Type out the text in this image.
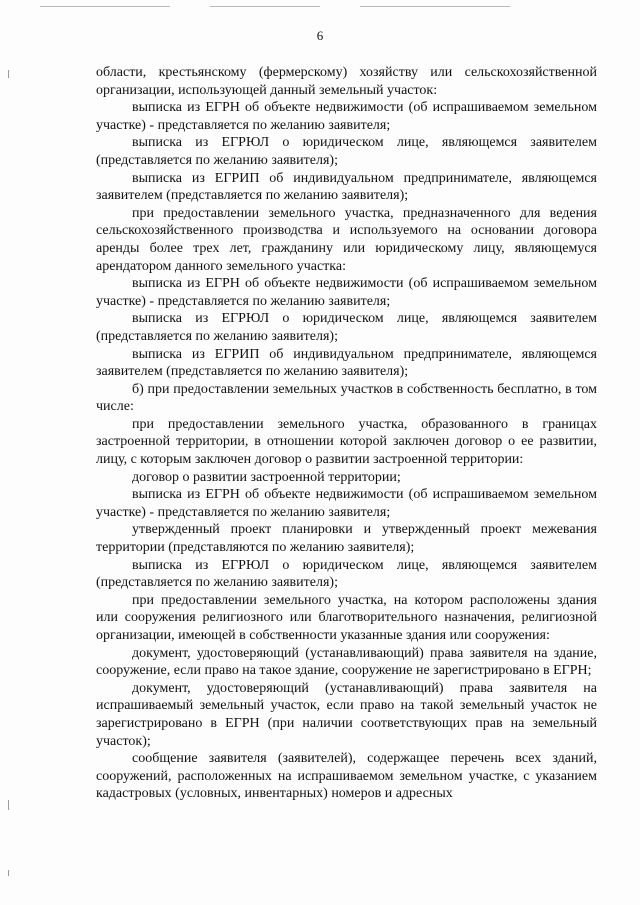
6

области, крестьянскому (фермерскому) хозяйству или сельскохозяйственной организации, использующей данный земельный участок:

выписка из ЕГРН об объекте недвижимости (об испрашиваемом земельном участке) - представляется по желанию заявителя;

выписка из ЕГРЮЛ о юридическом лице, являющемся заявителем (представляется по желанию заявителя);

выписка из ЕГРИП об индивидуальном предпринимателе, являющемся заявителем (представляется по желанию заявителя);

при предоставлении земельного участка, предназначенного для ведения сельскохозяйственного производства и используемого на основании договора аренды более трех лет, гражданину или юридическому лицу, являющемуся арендатором данного земельного участка:

выписка из ЕГРН об объекте недвижимости (об испрашиваемом земельном участке) - представляется по желанию заявителя;

выписка из ЕГРЮЛ о юридическом лице, являющемся заявителем (представляется по желанию заявителя);

выписка из ЕГРИП об индивидуальном предпринимателе, являющемся заявителем (представляется по желанию заявителя);

б) при предоставлении земельных участков в собственность бесплатно, в том числе:

при предоставлении земельного участка, образованного в границах застроенной территории, в отношении которой заключен договор о ее развитии, лицу, с которым заключен договор о развитии застроенной территории:

договор о развитии застроенной территории;

выписка из ЕГРН об объекте недвижимости (об испрашиваемом земельном участке) - представляется по желанию заявителя;

утвержденный проект планировки и утвержденный проект межевания территории (представляются по желанию заявителя);

выписка из ЕГРЮЛ о юридическом лице, являющемся заявителем (представляется по желанию заявителя);

при предоставлении земельного участка, на котором расположены здания или сооружения религиозного или благотворительного назначения, религиозной организации, имеющей в собственности указанные здания или сооружения:

документ, удостоверяющий (устанавливающий) права заявителя на здание, сооружение, если право на такое здание, сооружение не зарегистрировано в ЕГРН;

документ, удостоверяющий (устанавливающий) права заявителя на испрашиваемый земельный участок, если право на такой земельный участок не зарегистрировано в ЕГРН (при наличии соответствующих прав на земельный участок);

сообщение заявителя (заявителей), содержащее перечень всех зданий, сооружений, расположенных на испрашиваемом земельном участке, с указанием кадастровых (условных, инвентарных) номеров и адресных
